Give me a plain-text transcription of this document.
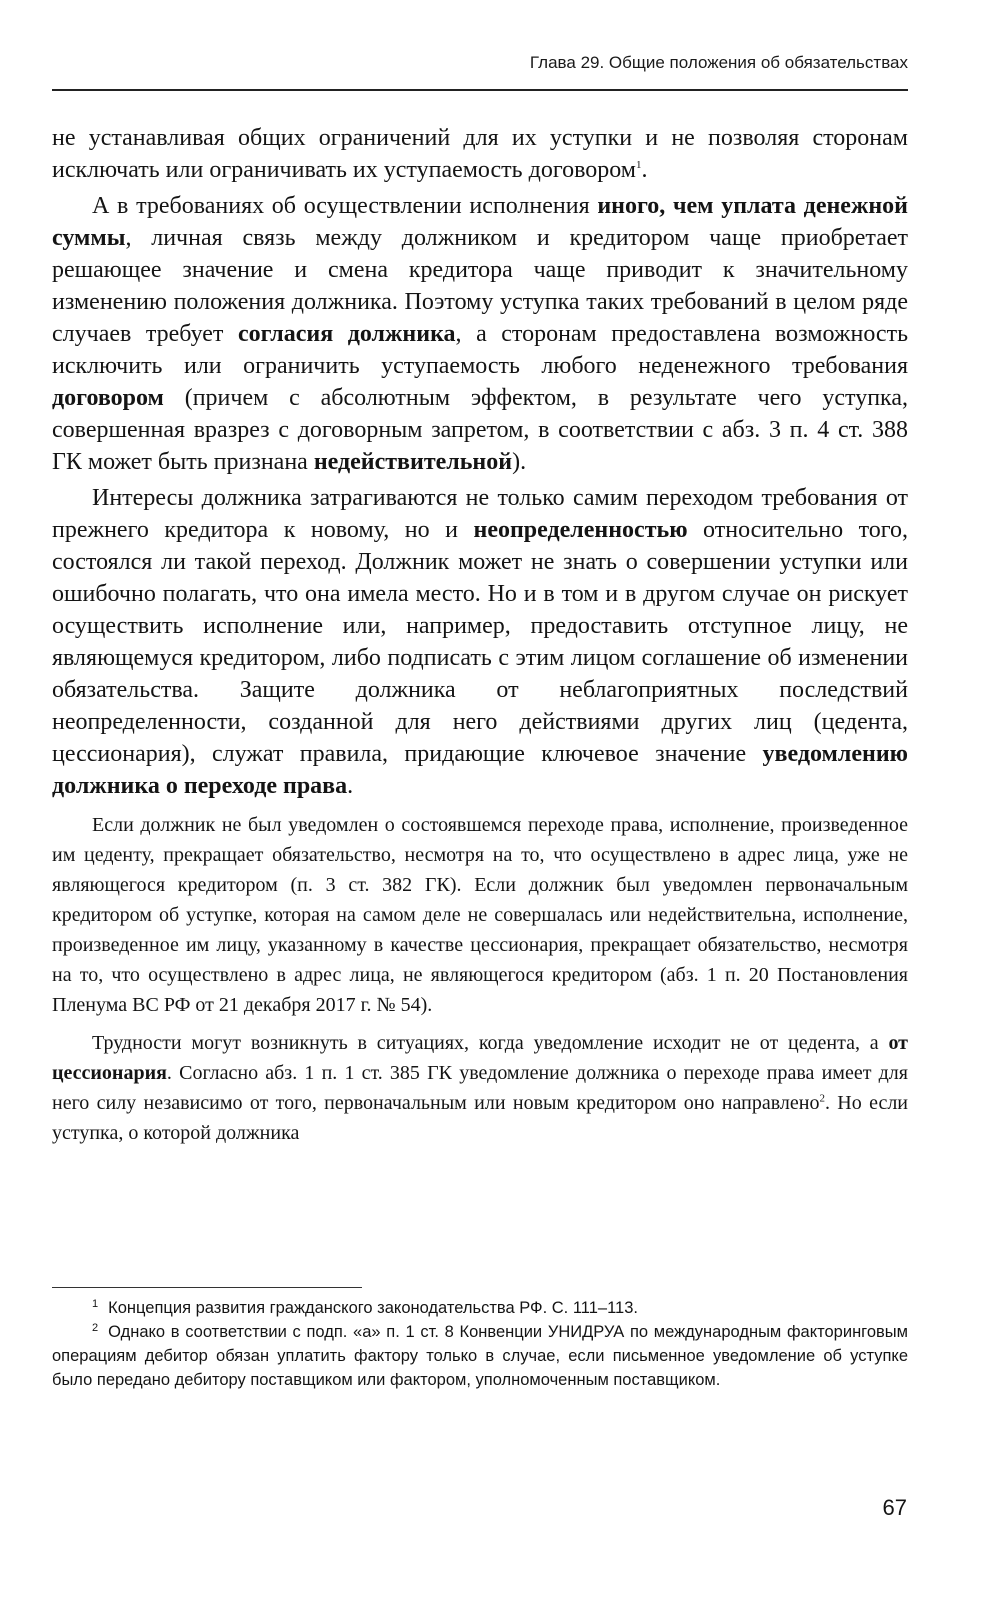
Глава 29. Общие положения об обязательствах

не устанавливая общих ограничений для их уступки и не позволяя сторонам исключать или ограничивать их уступаемость договором$^1$.

А в требованиях об осуществлении исполнения иного, чем уплата денежной суммы, личная связь между должником и кредитором чаще приобретает решающее значение и смена кредитора чаще приводит к значительному изменению положения должника. Поэтому уступка таких требований в целом ряде случаев требует согласия должника, а сторонам предоставлена возможность исключить или ограничить уступаемость любого неденежного требования договором (причем с абсолютным эффектом, в результате чего уступка, совершенная вразрез с договорным запретом, в соответствии с абз. 3 п. 4 ст. 388 ГК может быть признана недействительной).

Интересы должника затрагиваются не только самим переходом требования от прежнего кредитора к новому, но и неопределенностью относительно того, состоялся ли такой переход. Должник может не знать о совершении уступки или ошибочно полагать, что она имела место. Но и в том и в другом случае он рискует осуществить исполнение или, например, предоставить отступное лицу, не являющемуся кредитором, либо подписать с этим лицом соглашение об изменении обязательства. Защите должника от неблагоприятных последствий неопределенности, созданной для него действиями других лиц (цедента, цессионария), служат правила, придающие ключевое значение уведомлению должника о переходе права.

Если должник не был уведомлен о состоявшемся переходе права, исполнение, произведенное им цеденту, прекращает обязательство, несмотря на то, что осуществлено в адрес лица, уже не являющегося кредитором (п. 3 ст. 382 ГК). Если должник был уведомлен первоначальным кредитором об уступке, которая на самом деле не совершалась или недействительна, исполнение, произведенное им лицу, указанному в качестве цессионария, прекращает обязательство, несмотря на то, что осуществлено в адрес лица, не являющегося кредитором (абз. 1 п. 20 Постановления Пленума ВС РФ от 21 декабря 2017 г. № 54).

Трудности могут возникнуть в ситуациях, когда уведомление исходит не от цедента, а от цессионария. Согласно абз. 1 п. 1 ст. 385 ГК уведомление должника о переходе права имеет для него силу независимо от того, первоначальным или новым кредитором оно направлено$^2$. Но если уступка, о которой должника

$^1$ Концепция развития гражданского законодательства РФ. С. 111–113.

$^2$ Однако в соответствии с подп. «а» п. 1 ст. 8 Конвенции УНИДРУА по международным факторинговым операциям дебитор обязан уплатить фактору только в случае, если письменное уведомление об уступке было передано дебитору поставщиком или фактором, уполномоченным поставщиком.

67
